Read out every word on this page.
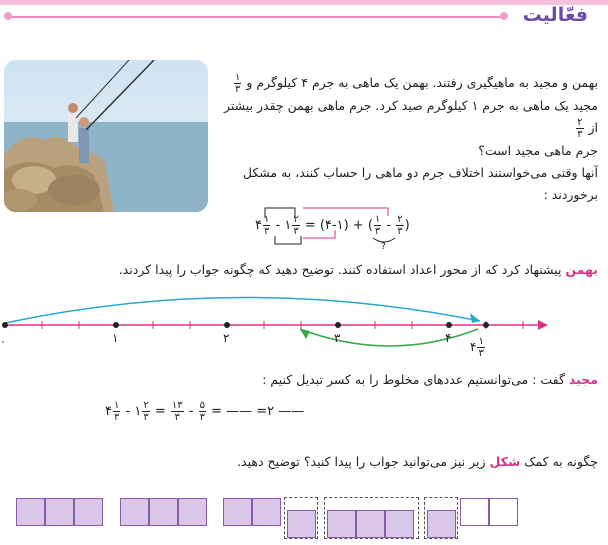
فعّالیت
بهمن و مجید به ماهیگیری رفتند. بهمن یک ماهی به جرم ۴ کیلوگرم و
$\frac{۱}{۳}$
مجید یک ماهی به جرم ۱ کیلوگرم صید کرد. جرم ماهی بهمن چقدر بیشتر از
$\frac{۲}{۳}$
جرم ماهی مجید است؟
آنها وقتی می‌خواستند اختلاف جرم دو ماهی را حساب کنند، به مشکل
برخوردند :
۴ $\frac{۱}{۳}$ - ۱ $\frac{۲}{۳}$ = (۴-۱) + ( $\frac{۱}{۳} - \frac{۲}{۳}$ )
?
بهمن پیشنهاد کرد که از محور اعداد استفاده کنند. توضیح دهید که چگونه جواب را پیدا کردند.
۰	۱	۲	۳	۴
۴ $\frac{۱}{۳}$
مجید گفت : می‌توانستیم عددهای مخلوط را به کسر تبدیل کنیم :
۴ $\frac{۱}{۳}$ - ۱ $\frac{۲}{۳} = \frac{۱۳}{۳} - \frac{۵}{۳}$ = —— =۲ ——
چگونه به کمک شکل زیر نیز می‌توانید جواب را پیدا کنید؟ توضیح دهید.
